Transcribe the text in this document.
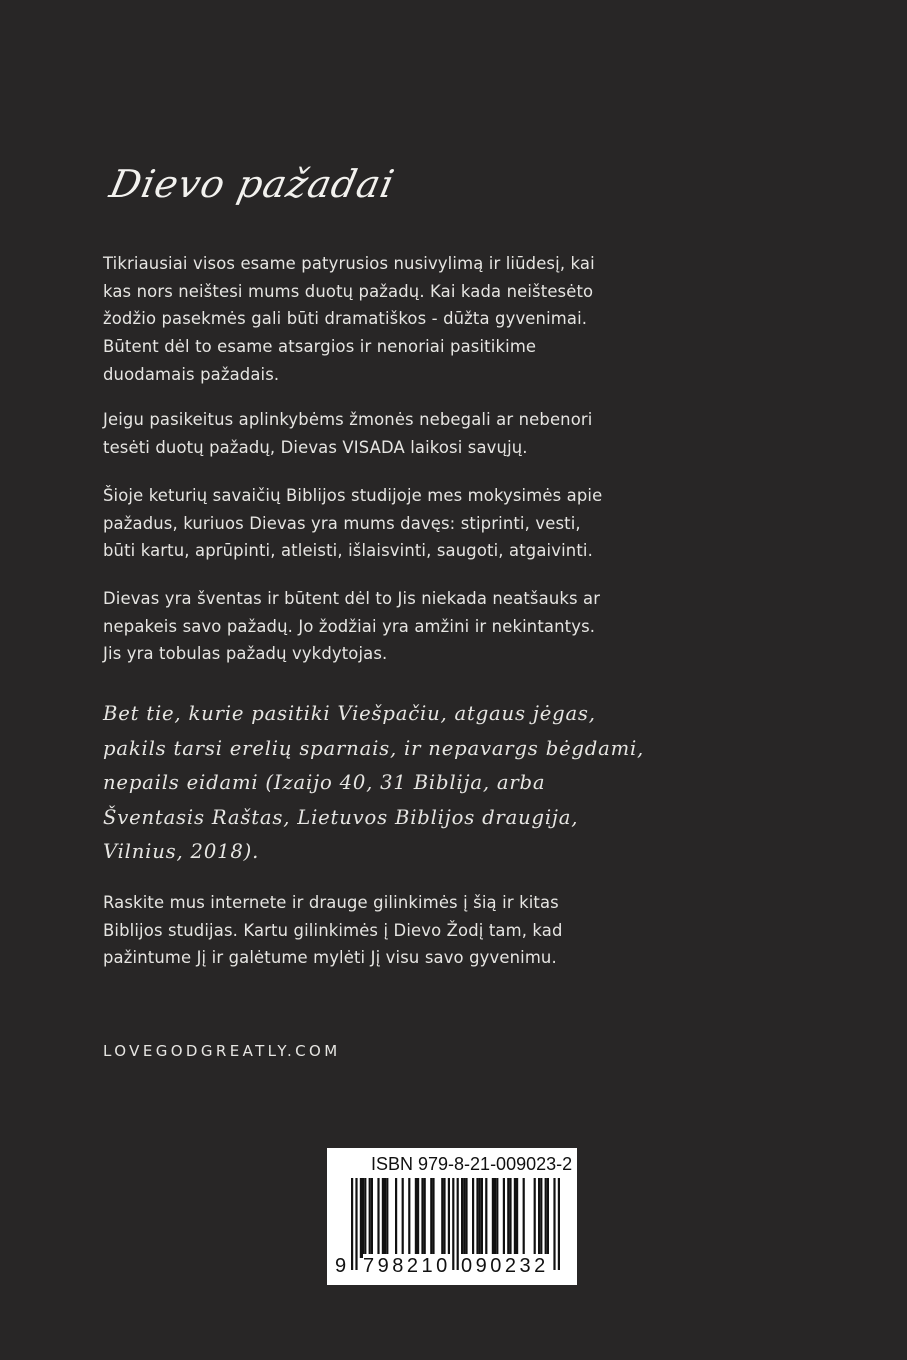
Dievo pažadai
Tikriausiai visos esame patyrusios nusivylimą ir liūdesį, kai
kas nors neištesi mums duotų pažadų. Kai kada neištesėto
žodžio pasekmės gali būti dramatiškos - dūžta gyvenimai.
Būtent dėl to esame atsargios ir nenoriai pasitikime
duodamais pažadais.
Jeigu pasikeitus aplinkybėms žmonės nebegali ar nebenori
tesėti duotų pažadų, Dievas VISADA laikosi savųjų.
Šioje keturių savaičių Biblijos studijoje mes mokysimės apie
pažadus, kuriuos Dievas yra mums davęs: stiprinti, vesti,
būti kartu, aprūpinti, atleisti, išlaisvinti, saugoti, atgaivinti.
Dievas yra šventas ir būtent dėl to Jis niekada neatšauks ar
nepakeis savo pažadų. Jo žodžiai yra amžini ir nekintantys.
Jis yra tobulas pažadų vykdytojas.
Bet tie, kurie pasitiki Viešpačiu, atgaus jėgas,
pakils tarsi erelių sparnais, ir nepavargs bėgdami,
nepails eidami (Izaijo 40, 31 Biblija, arba
Šventasis Raštas, Lietuvos Biblijos draugija,
Vilnius, 2018).
Raskite mus internete ir drauge gilinkimės į šią ir kitas
Biblijos studijas. Kartu gilinkimės į Dievo Žodį tam, kad
pažintume Jį ir galėtume mylėti Jį visu savo gyvenimu.
LOVEGODGREATLY.COM
ISBN 979-8-21-009023-2
9 798210 090232
